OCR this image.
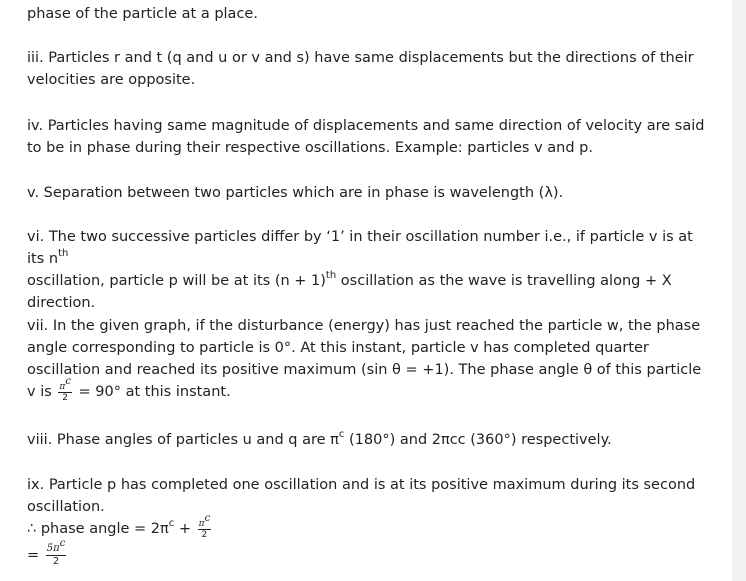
phase of the particle at a place.

iii. Particles r and t (q and u or v and s) have same displacements but the directions of their velocities are opposite.

iv. Particles having same magnitude of displacements and same direction of velocity are said to be in phase during their respective oscillations. Example: particles v and p.

v. Separation between two particles which are in phase is wavelength (λ).

vi. The two successive particles differ by ‘1’ in their oscillation number i.e., if particle v is at its $n^{th}$
oscillation, particle p will be at its $(n + 1)^{th}$ oscillation as the wave is travelling along + X direction.

vii. In the given graph, if the disturbance (energy) has just reached the particle w, the phase angle corresponding to particle is 0°. At this instant, particle v has completed quarter oscillation and reached its positive maximum (sin θ = +1). The phase angle θ of this particle v is $\frac{\pi^c}{2} = 90^\circ$ at this instant.

viii. Phase angles of particles u and q are $\pi^c$ (180°) and 2πcc (360°) respectively.

ix. Particle p has completed one oscillation and is at its positive maximum during its second oscillation.
∴ phase angle = $2\pi^c + \frac{\pi^c}{2}$

= $\frac{5\pi^c}{2}$
